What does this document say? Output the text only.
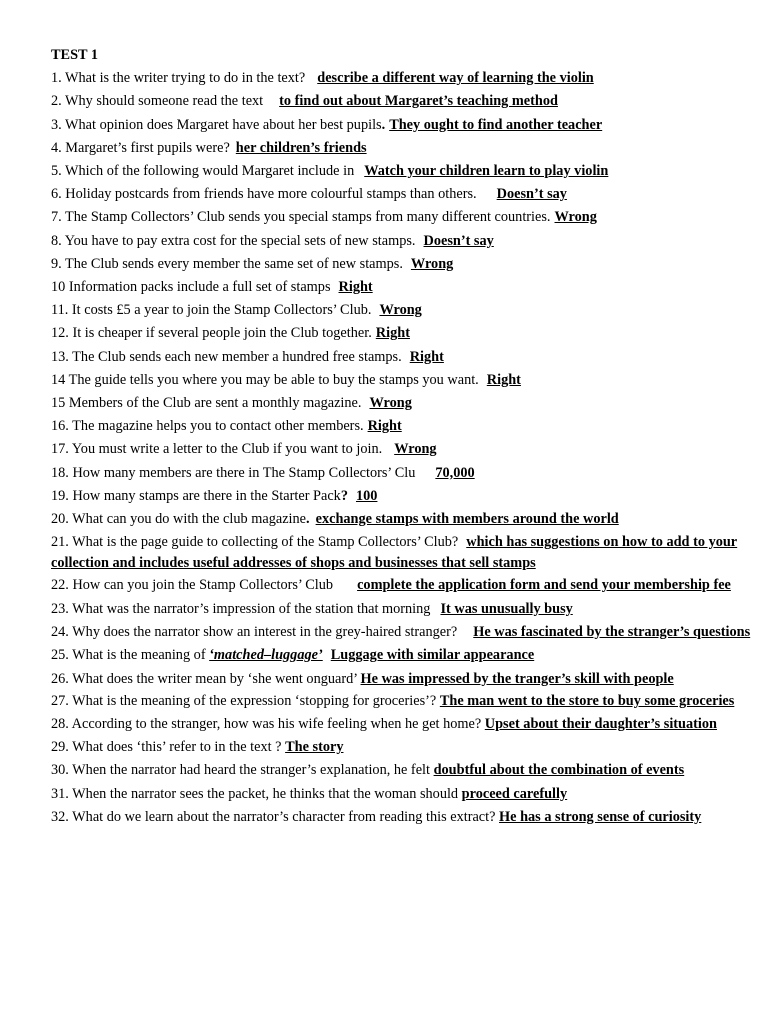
TEST 1
1. What is the writer trying to do in the text? describe a different way of learning the violin
2. Why should someone read the text to find out about Margaret’s teaching method
3. What opinion does Margaret have about her best pupils. They ought to find another teacher
4. Margaret’s first pupils were? her children’s friends
5. Which of the following would Margaret include in Watch your children learn to play violin
6. Holiday postcards from friends have more colourful stamps than others. Doesn’t say
7. The Stamp Collectors’ Club sends you special stamps from many different countries. Wrong
8. You have to pay extra cost for the special sets of new stamps. Doesn’t say
9. The Club sends every member the same set of new stamps. Wrong
10 Information packs include a full set of stamps Right
11. It costs £5 a year to join the Stamp Collectors’ Club. Wrong
12. It is cheaper if several people join the Club together. Right
13. The Club sends each new member a hundred free stamps. Right
14 The guide tells you where you may be able to buy the stamps you want. Right
15 Members of the Club are sent a monthly magazine. Wrong
16. The magazine helps you to contact other members. Right
17. You must write a letter to the Club if you want to join. Wrong
18. How many members are there in The Stamp Collectors’ Clu 70,000
19. How many stamps are there in the Starter Pack? 100
20. What can you do with the club magazine. exchange stamps with members around the world
21. What is the page guide to collecting of the Stamp Collectors’ Club? which has suggestions on how to add to your collection and includes useful addresses of shops and businesses that sell stamps
22. How can you join the Stamp Collectors’ Club complete the application form and send your membership fee
23. What was the narrator’s impression of the station that morning It was unusually busy
24. Why does the narrator show an interest in the grey-haired stranger? He was fascinated by the stranger’s questions
25. What is the meaning of ‘matched–luggage’ Luggage with similar appearance
26. What does the writer mean by ‘she went onguard’ He was impressed by the tranger’s skill with people
27. What is the meaning of the expression ‘stopping for groceries’? The man went to the store to buy some groceries
28. According to the stranger, how was his wife feeling when he get home? Upset about their daughter’s situation
29. What does ‘this’ refer to in the text ? The story
30. When the narrator had heard the stranger’s explanation, he felt doubtful about the combination of events
31. When the narrator sees the packet, he thinks that the woman should proceed carefully
32. What do we learn about the narrator’s character from reading this extract? He has a strong sense of curiosity
